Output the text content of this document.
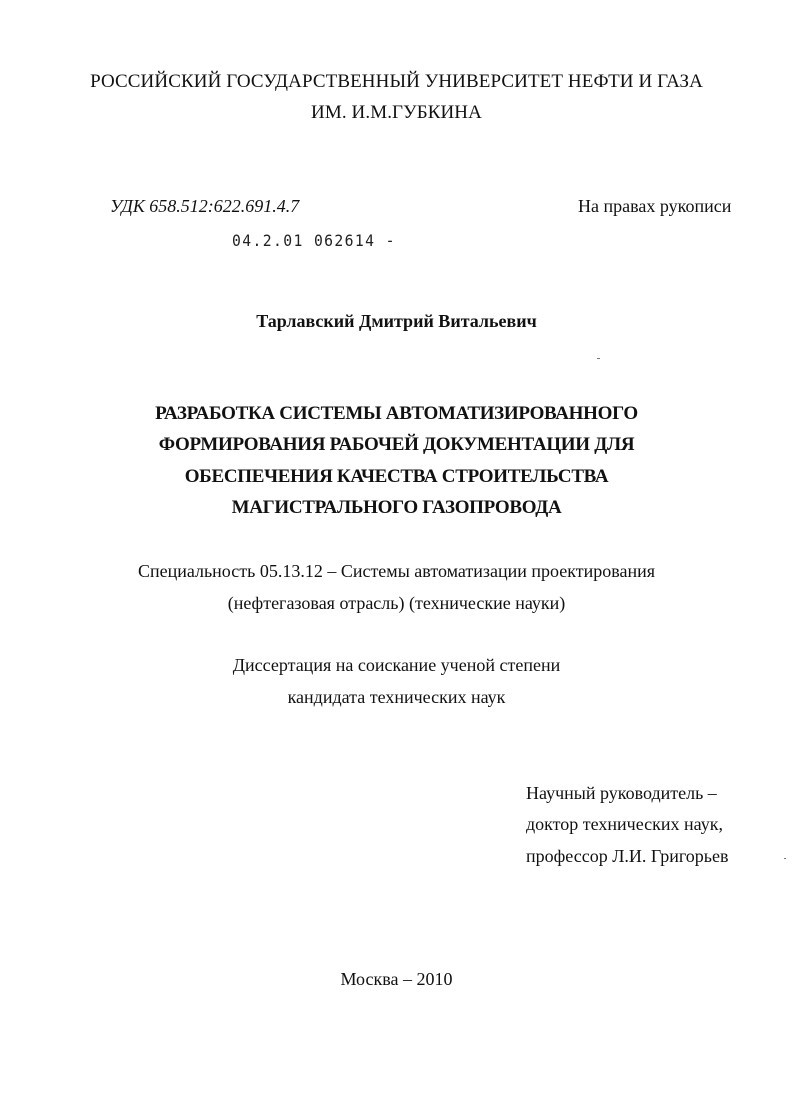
РОССИЙСКИЙ ГОСУДАРСТВЕННЫЙ УНИВЕРСИТЕТ НЕФТИ И ГАЗА
ИМ. И.М.ГУБКИНА
УДК 658.512:622.691.4.7	На правах рукописи
04.2.01 062614 -
Тарлавский Дмитрий Витальевич
РАЗРАБОТКА СИСТЕМЫ АВТОМАТИЗИРОВАННОГО
ФОРМИРОВАНИЯ РАБОЧЕЙ ДОКУМЕНТАЦИИ ДЛЯ
ОБЕСПЕЧЕНИЯ КАЧЕСТВА СТРОИТЕЛЬСТВА
МАГИСТРАЛЬНОГО ГАЗОПРОВОДА
Специальность 05.13.12 – Системы автоматизации проектирования
(нефтегазовая отрасль) (технические науки)
Диссертация на соискание ученой степени
кандидата технических наук
Научный руководитель –
доктор технических наук,
профессор Л.И. Григорьев
Москва – 2010
